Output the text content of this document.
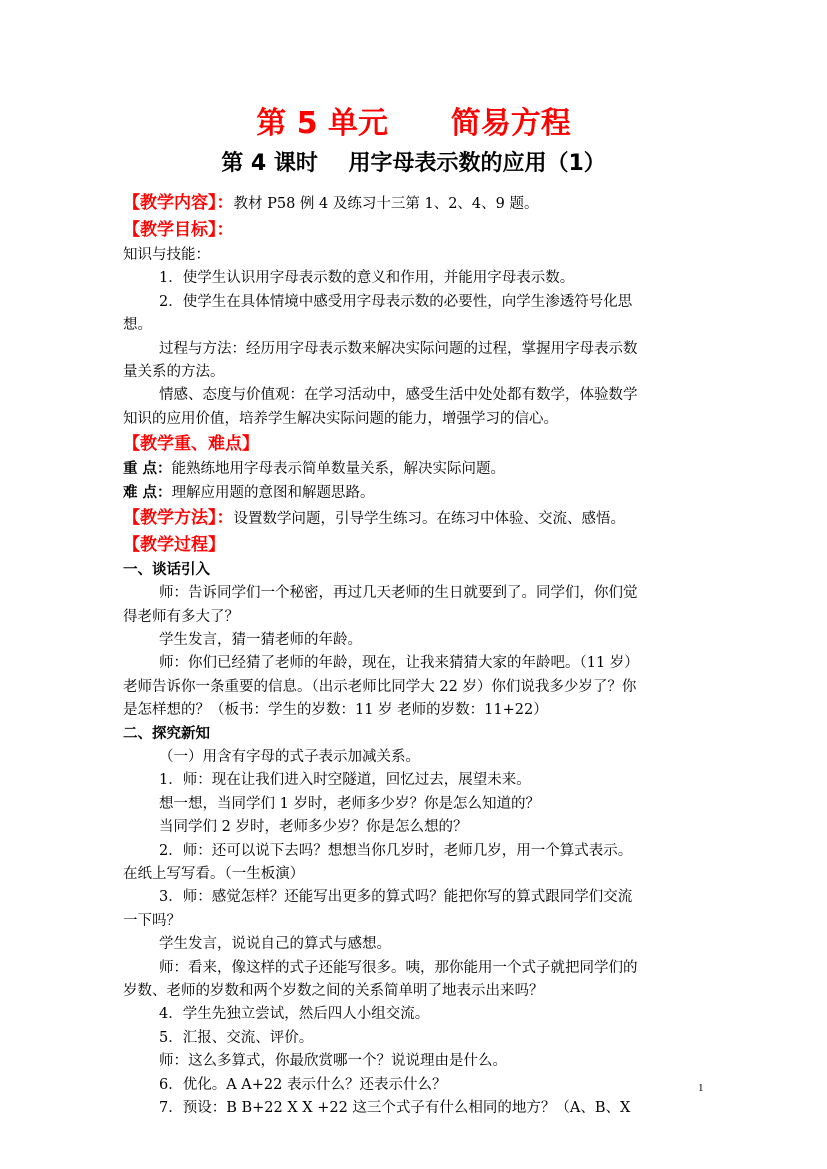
第 5 单元      简易方程
第 4 课时    用字母表示数的应用（1）
【教学内容】：教材 P58 例 4 及练习十三第 1、2、4、9 题。
【教学目标】：
知识与技能：
1．使学生认识用字母表示数的意义和作用，并能用字母表示数。
2．使学生在具体情境中感受用字母表示数的必要性，向学生渗透符号化思
想。
过程与方法：经历用字母表示数来解决实际问题的过程，掌握用字母表示数
量关系的方法。
情感、态度与价值观：在学习活动中，感受生活中处处都有数学，体验数学
知识的应用价值，培养学生解决实际问题的能力，增强学习的信心。
【教学重、难点】
重 点：能熟练地用字母表示简单数量关系，解决实际问题。
难 点：理解应用题的意图和解题思路。
【教学方法】：设置数学问题，引导学生练习。在练习中体验、交流、感悟。
【教学过程】
一、谈话引入
师：告诉同学们一个秘密，再过几天老师的生日就要到了。同学们，你们觉
得老师有多大了？
学生发言，猜一猜老师的年龄。
师：你们已经猜了老师的年龄，现在，让我来猜猜大家的年龄吧。（11 岁）
老师告诉你一条重要的信息。（出示老师比同学大 22 岁）你们说我多少岁了？你
是怎样想的？（板书：学生的岁数：11 岁 老师的岁数：11+22）
二、探究新知
（一）用含有字母的式子表示加减关系。
1．师：现在让我们进入时空隧道，回忆过去，展望未来。
想一想，当同学们 1 岁时，老师多少岁？你是怎么知道的？
当同学们 2 岁时，老师多少岁？你是怎么想的？
2．师：还可以说下去吗？想想当你几岁时，老师几岁，用一个算式表示。
在纸上写写看。（一生板演）
3．师：感觉怎样？还能写出更多的算式吗？能把你写的算式跟同学们交流
一下吗？
学生发言，说说自己的算式与感想。
师：看来，像这样的式子还能写很多。咦，那你能用一个式子就把同学们的
岁数、老师的岁数和两个岁数之间的关系简单明了地表示出来吗？
4．学生先独立尝试，然后四人小组交流。
5．汇报、交流、评价。
师：这么多算式，你最欣赏哪一个？说说理由是什么。
6．优化。A A+22 表示什么？还表示什么？
7．预设：B B+22 X X +22 这三个式子有什么相同的地方？（A、B、X
1
